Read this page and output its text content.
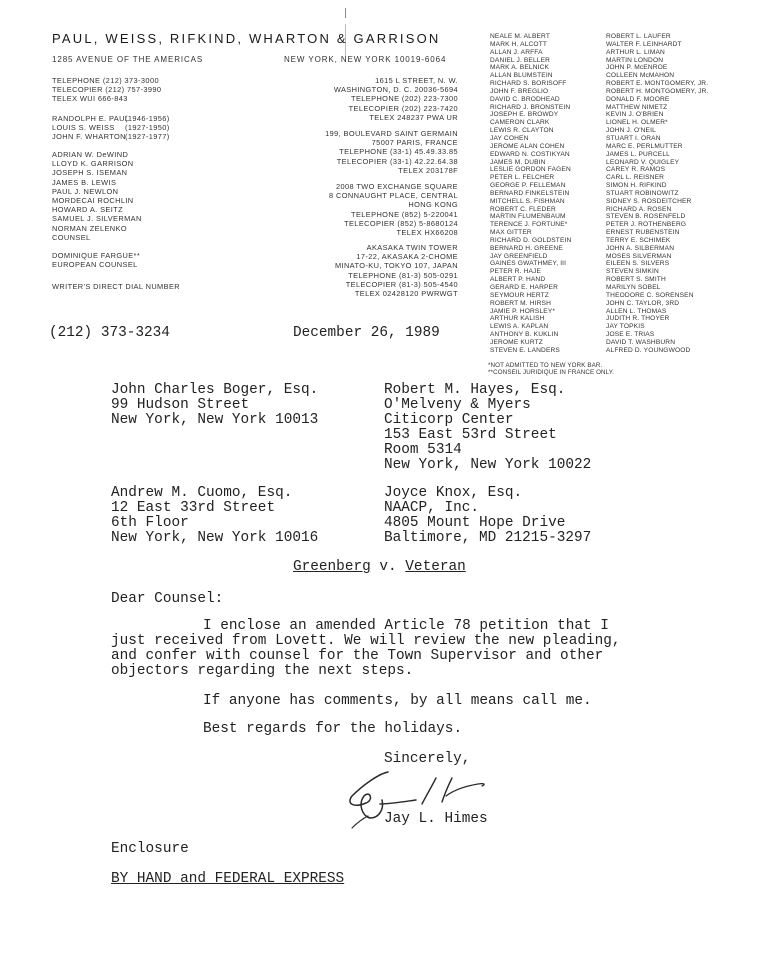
PAUL, WEISS, RIFKIND, WHARTON & GARRISON
1285 AVENUE OF THE AMERICAS	NEW YORK, NEW YORK 10019-6064
TELEPHONE (212) 373-3000
TELECOPIER (212) 757-3990
TELEX WUI 666-843
RANDOLPH E. PAUL
LOUIS S. WEISS
JOHN F. WHARTON
(1946-1956)
(1927-1950)
(1927-1977)
ADRIAN W. DeWIND
LLOYD K. GARRISON
JOSEPH S. ISEMAN
JAMES B. LEWIS
PAUL J. NEWLON
MORDECAI ROCHLIN
HOWARD A. SEITZ
SAMUEL J. SILVERMAN
NORMAN ZELENKO
COUNSEL
DOMINIQUE FARGUE**
EUROPEAN COUNSEL
WRITER'S DIRECT DIAL NUMBER
1615 L STREET, N. W.
WASHINGTON, D. C. 20036-5694
TELEPHONE (202) 223-7300
TELECOPIER (202) 223-7420
TELEX 248237 PWA UR
199, BOULEVARD SAINT GERMAIN
75007 PARIS, FRANCE
TELEPHONE (33-1) 45.49.33.85
TELECOPIER (33-1) 42.22.64.38
TELEX 203178F
2008 TWO EXCHANGE SQUARE
8 CONNAUGHT PLACE, CENTRAL
HONG KONG
TELEPHONE (852) 5-220041
TELECOPIER (852) 5-8680124
TELEX HX66208
AKASAKA TWIN TOWER
17-22, AKASAKA 2-CHOME
MINATO-KU, TOKYO 107, JAPAN
TELEPHONE (81-3) 505-0291
TELECOPIER (81-3) 505-4540
TELEX 02428120 PWRWGT
NEALE M. ALBERT
MARK H. ALCOTT
ALLAN J. ARFFA
DANIEL J. BELLER
MARK A. BELNICK
ALLAN BLUMSTEIN
RICHARD S. BORISOFF
JOHN F. BREGLIO
DAVID C. BRODHEAD
RICHARD J. BRONSTEIN
JOSEPH E. BROWDY
CAMERON CLARK
LEWIS R. CLAYTON
JAY COHEN
JEROME ALAN COHEN
EDWARD N. COSTIKYAN
JAMES M. DUBIN
LESLIE GORDON FAGEN
PETER L. FELCHER
GEORGE P. FELLEMAN
BERNARD FINKELSTEIN
MITCHELL S. FISHMAN
ROBERT C. FLEDER
MARTIN FLUMENBAUM
TERENCE J. FORTUNE*
MAX GITTER
RICHARD D. GOLDSTEIN
BERNARD H. GREENE
JAY GREENFIELD
GAINES GWATHMEY, III
PETER R. HAJE
ALBERT P. HAND
GERARD E. HARPER
SEYMOUR HERTZ
ROBERT M. HIRSH
JAMIE P. HORSLEY*
ARTHUR KALISH
LEWIS A. KAPLAN
ANTHONY B. KUKLIN
JEROME KURTZ
STEVEN E. LANDERS
ROBERT L. LAUFER
WALTER F. LEINHARDT
ARTHUR L. LIMAN
MARTIN LONDON
JOHN P. McENROE
COLLEEN McMAHON
ROBERT E. MONTGOMERY, JR.
ROBERT H. MONTGOMERY, JR.
DONALD F. MOORE
MATTHEW NIMETZ
KEVIN J. O'BRIEN
LIONEL H. OLMER*
JOHN J. O'NEIL
STUART I. ORAN
MARC E. PERLMUTTER
JAMES L. PURCELL
LEONARD V. QUIGLEY
CAREY R. RAMOS
CARL L. REISNER
SIMON H. RIFKIND
STUART ROBINOWITZ
SIDNEY S. ROSDEITCHER
RICHARD A. ROSEN
STEVEN B. ROSENFELD
PETER J. ROTHENBERG
ERNEST RUBENSTEIN
TERRY E. SCHIMEK
JOHN A. SILBERMAN
MOSES SILVERMAN
EILEEN S. SILVERS
STEVEN SIMKIN
ROBERT S. SMITH
MARILYN SOBEL
THEODORE C. SORENSEN
JOHN C. TAYLOR, 3RD
ALLEN L. THOMAS
JUDITH R. THOYER
JAY TOPKIS
JOSE E. TRIAS
DAVID T. WASHBURN
ALFRED D. YOUNGWOOD
*NOT ADMITTED TO NEW YORK BAR.
**CONSEIL JURIDIQUE IN FRANCE ONLY.
(212) 373-3234	December 26, 1989
John Charles Boger, Esq.
99 Hudson Street
New York, New York 10013
Robert M. Hayes, Esq.
O'Melveny & Myers
Citicorp Center
153 East 53rd Street
Room 5314
New York, New York 10022
Andrew M. Cuomo, Esq.
12 East 33rd Street
6th Floor
New York, New York 10016
Joyce Knox, Esq.
NAACP, Inc.
4805 Mount Hope Drive
Baltimore, MD 21215-3297
Greenberg v. Veteran
Dear Counsel:
I enclose an amended Article 78 petition that I
just received from Lovett. We will review the new pleading,
and confer with counsel for the Town Supervisor and other
objectors regarding the next steps.
If anyone has comments, by all means call me.
Best regards for the holidays.
Sincerely,
Jay L. Himes
Enclosure
BY HAND and FEDERAL EXPRESS
